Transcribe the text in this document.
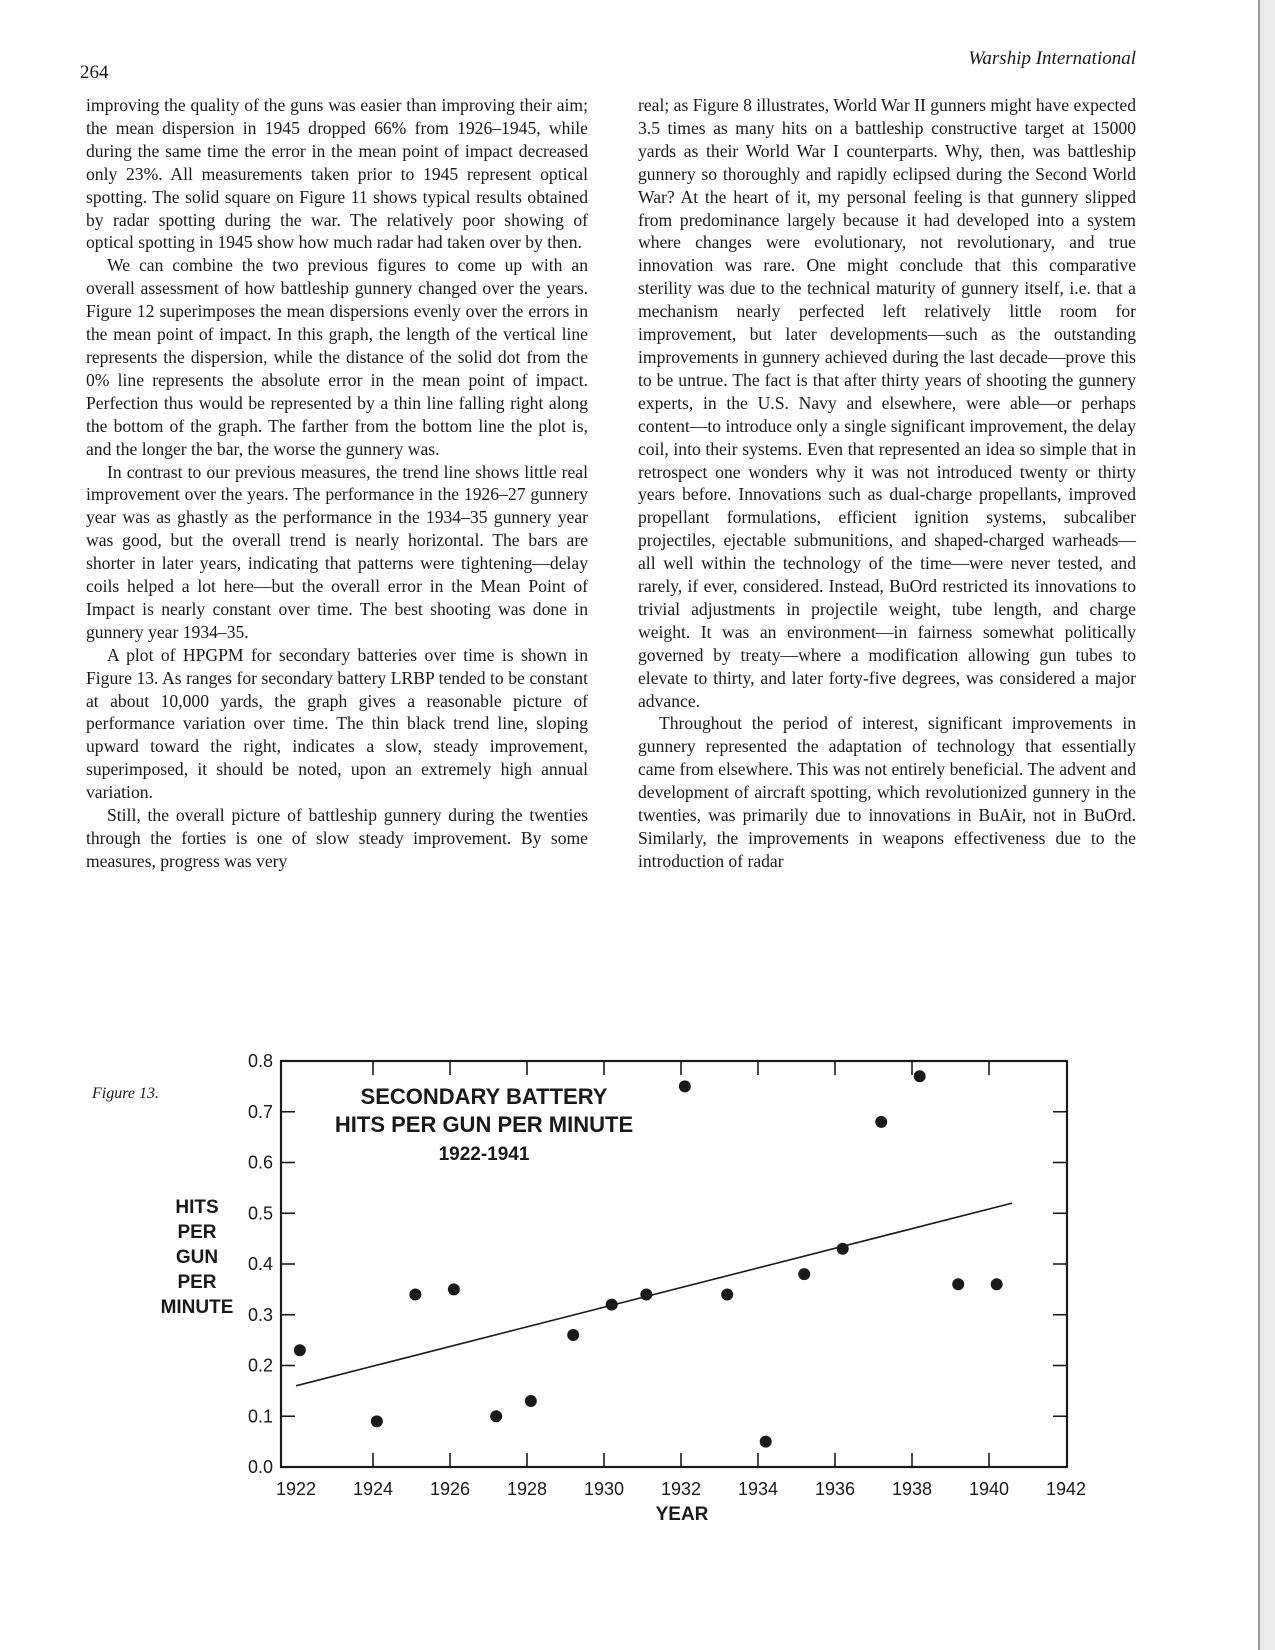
264
Warship International

improving the quality of the guns was easier than improving their aim; the mean dispersion in 1945 dropped 66% from 1926–1945, while during the same time the error in the mean point of impact decreased only 23%. All measurements taken prior to 1945 represent optical spotting. The solid square on Figure 11 shows typical results obtained by radar spotting during the war. The relatively poor showing of optical spotting in 1945 show how much radar had taken over by then.

We can combine the two previous figures to come up with an overall assessment of how battleship gunnery changed over the years. Figure 12 superimposes the mean dispersions evenly over the errors in the mean point of impact. In this graph, the length of the vertical line represents the dispersion, while the distance of the solid dot from the 0% line represents the absolute error in the mean point of impact. Perfection thus would be represented by a thin line falling right along the bottom of the graph. The farther from the bottom line the plot is, and the longer the bar, the worse the gunnery was.

In contrast to our previous measures, the trend line shows little real improvement over the years. The performance in the 1926–27 gunnery year was as ghastly as the performance in the 1934–35 gunnery year was good, but the overall trend is nearly horizontal. The bars are shorter in later years, indicating that patterns were tightening—delay coils helped a lot here—but the overall error in the Mean Point of Impact is nearly constant over time. The best shooting was done in gunnery year 1934–35.

A plot of HPGPM for secondary batteries over time is shown in Figure 13. As ranges for secondary battery LRBP tended to be constant at about 10,000 yards, the graph gives a reasonable picture of performance variation over time. The thin black trend line, sloping upward toward the right, indicates a slow, steady improvement, superimposed, it should be noted, upon an extremely high annual variation.

Still, the overall picture of battleship gunnery during the twenties through the forties is one of slow steady improvement. By some measures, progress was very

real; as Figure 8 illustrates, World War II gunners might have expected 3.5 times as many hits on a battleship constructive target at 15000 yards as their World War I counterparts. Why, then, was battleship gunnery so thoroughly and rapidly eclipsed during the Second World War? At the heart of it, my personal feeling is that gunnery slipped from predominance largely because it had developed into a system where changes were evolutionary, not revolutionary, and true innovation was rare. One might conclude that this comparative sterility was due to the technical maturity of gunnery itself, i.e. that a mechanism nearly perfected left relatively little room for improvement, but later developments—such as the outstanding improvements in gunnery achieved during the last decade—prove this to be untrue. The fact is that after thirty years of shooting the gunnery experts, in the U.S. Navy and elsewhere, were able—or perhaps content—to introduce only a single significant improvement, the delay coil, into their systems. Even that represented an idea so simple that in retrospect one wonders why it was not introduced twenty or thirty years before. Innovations such as dual-charge propellants, improved propellant formulations, efficient ignition systems, subcaliber projectiles, ejectable submunitions, and shaped-charged warheads—all well within the technology of the time—were never tested, and rarely, if ever, considered. Instead, BuOrd restricted its innovations to trivial adjustments in projectile weight, tube length, and charge weight. It was an environment—in fairness somewhat politically governed by treaty—where a modification allowing gun tubes to elevate to thirty, and later forty-five degrees, was considered a major advance.

Throughout the period of interest, significant improvements in gunnery represented the adaptation of technology that essentially came from elsewhere. This was not entirely beneficial. The advent and development of aircraft spotting, which revolutionized gunnery in the twenties, was primarily due to innovations in BuAir, not in BuOrd. Similarly, the improvements in weapons effectiveness due to the introduction of radar

Figure 13.
0.0
0.1
0.2
0.3
0.4
0.5
0.6
0.7
0.8
1922 1924 1926 1928 1930 1932 1934 1936 1938 1940 1942
YEAR
HITS
PER
GUN
PER
MINUTE
SECONDARY BATTERY
HITS PER GUN PER MINUTE
1922-1941
